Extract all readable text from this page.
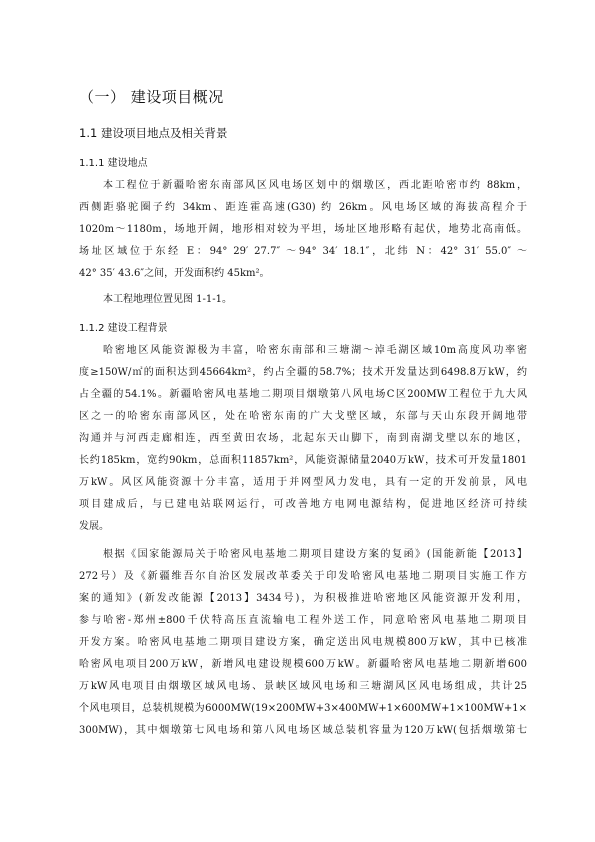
（一） 建设项目概况
1.1 建设项目地点及相关背景
1.1.1 建设地点
本工程位于新疆哈密东南部风区风电场区划中的烟墩区，西北距哈密市约 88km，
西侧距骆驼圈子约 34km、距连霍高速(G30) 约 26km。风电场区域的海拔高程介于
1020m～1180m，场地开阔，地形相对较为平坦，场址区地形略有起伏，地势北高南低。
场址区域位于东经 E：94° 29′ 27.7″ ～94° 34′ 18.1″，北纬 N：42° 31′ 55.0″ ～
42° 35′ 43.6″之间，开发面积约 45km²。
本工程地理位置见图 1-1-1。
1.1.2 建设工程背景
哈密地区风能资源极为丰富，哈密东南部和三塘湖～淖毛湖区域10m高度风功率密
度≥150W/㎡的面积达到45664km²，约占全疆的58.7%；技术开发量达到6498.8万kW，约
占全疆的54.1%。新疆哈密风电基地二期项目烟墩第八风电场C区200MW工程位于九大风
区之一的哈密东南部风区，处在哈密东南的广大戈壁区域，东部与天山东段开阔地带
沟通并与河西走廊相连，西至黄田农场，北起东天山脚下，南到南湖戈壁以东的地区，
长约185km，宽约90km，总面积11857km²，风能资源储量2040万kW，技术可开发量1801
万kW。风区风能资源十分丰富，适用于并网型风力发电，具有一定的开发前景，风电
项目建成后，与已建电站联网运行，可改善地方电网电源结构，促进地区经济可持续
发展。
根据《国家能源局关于哈密风电基地二期项目建设方案的复函》(国能新能【2013】
272号）及《新疆维吾尔自治区发展改革委关于印发哈密风电基地二期项目实施工作方
案的通知》(新发改能源【2013】3434号)，为积极推进哈密地区风能资源开发利用，
参与哈密-郑州±800千伏特高压直流输电工程外送工作，同意哈密风电基地二期项目
开发方案。哈密风电基地二期项目建设方案，确定送出风电规模800万kW，其中已核准
哈密风电项目200万kW，新增风电建设规模600万kW。新疆哈密风电基地二期新增600
万kW风电项目由烟墩区域风电场、景峡区域风电场和三塘湖风区风电场组成，共计25
个风电项目，总装机规模为6000MW(19×200MW+3×400MW+1×600MW+1×100MW+1×
300MW)，其中烟墩第七风电场和第八风电场区域总装机容量为120万kW(包括烟墩第七
